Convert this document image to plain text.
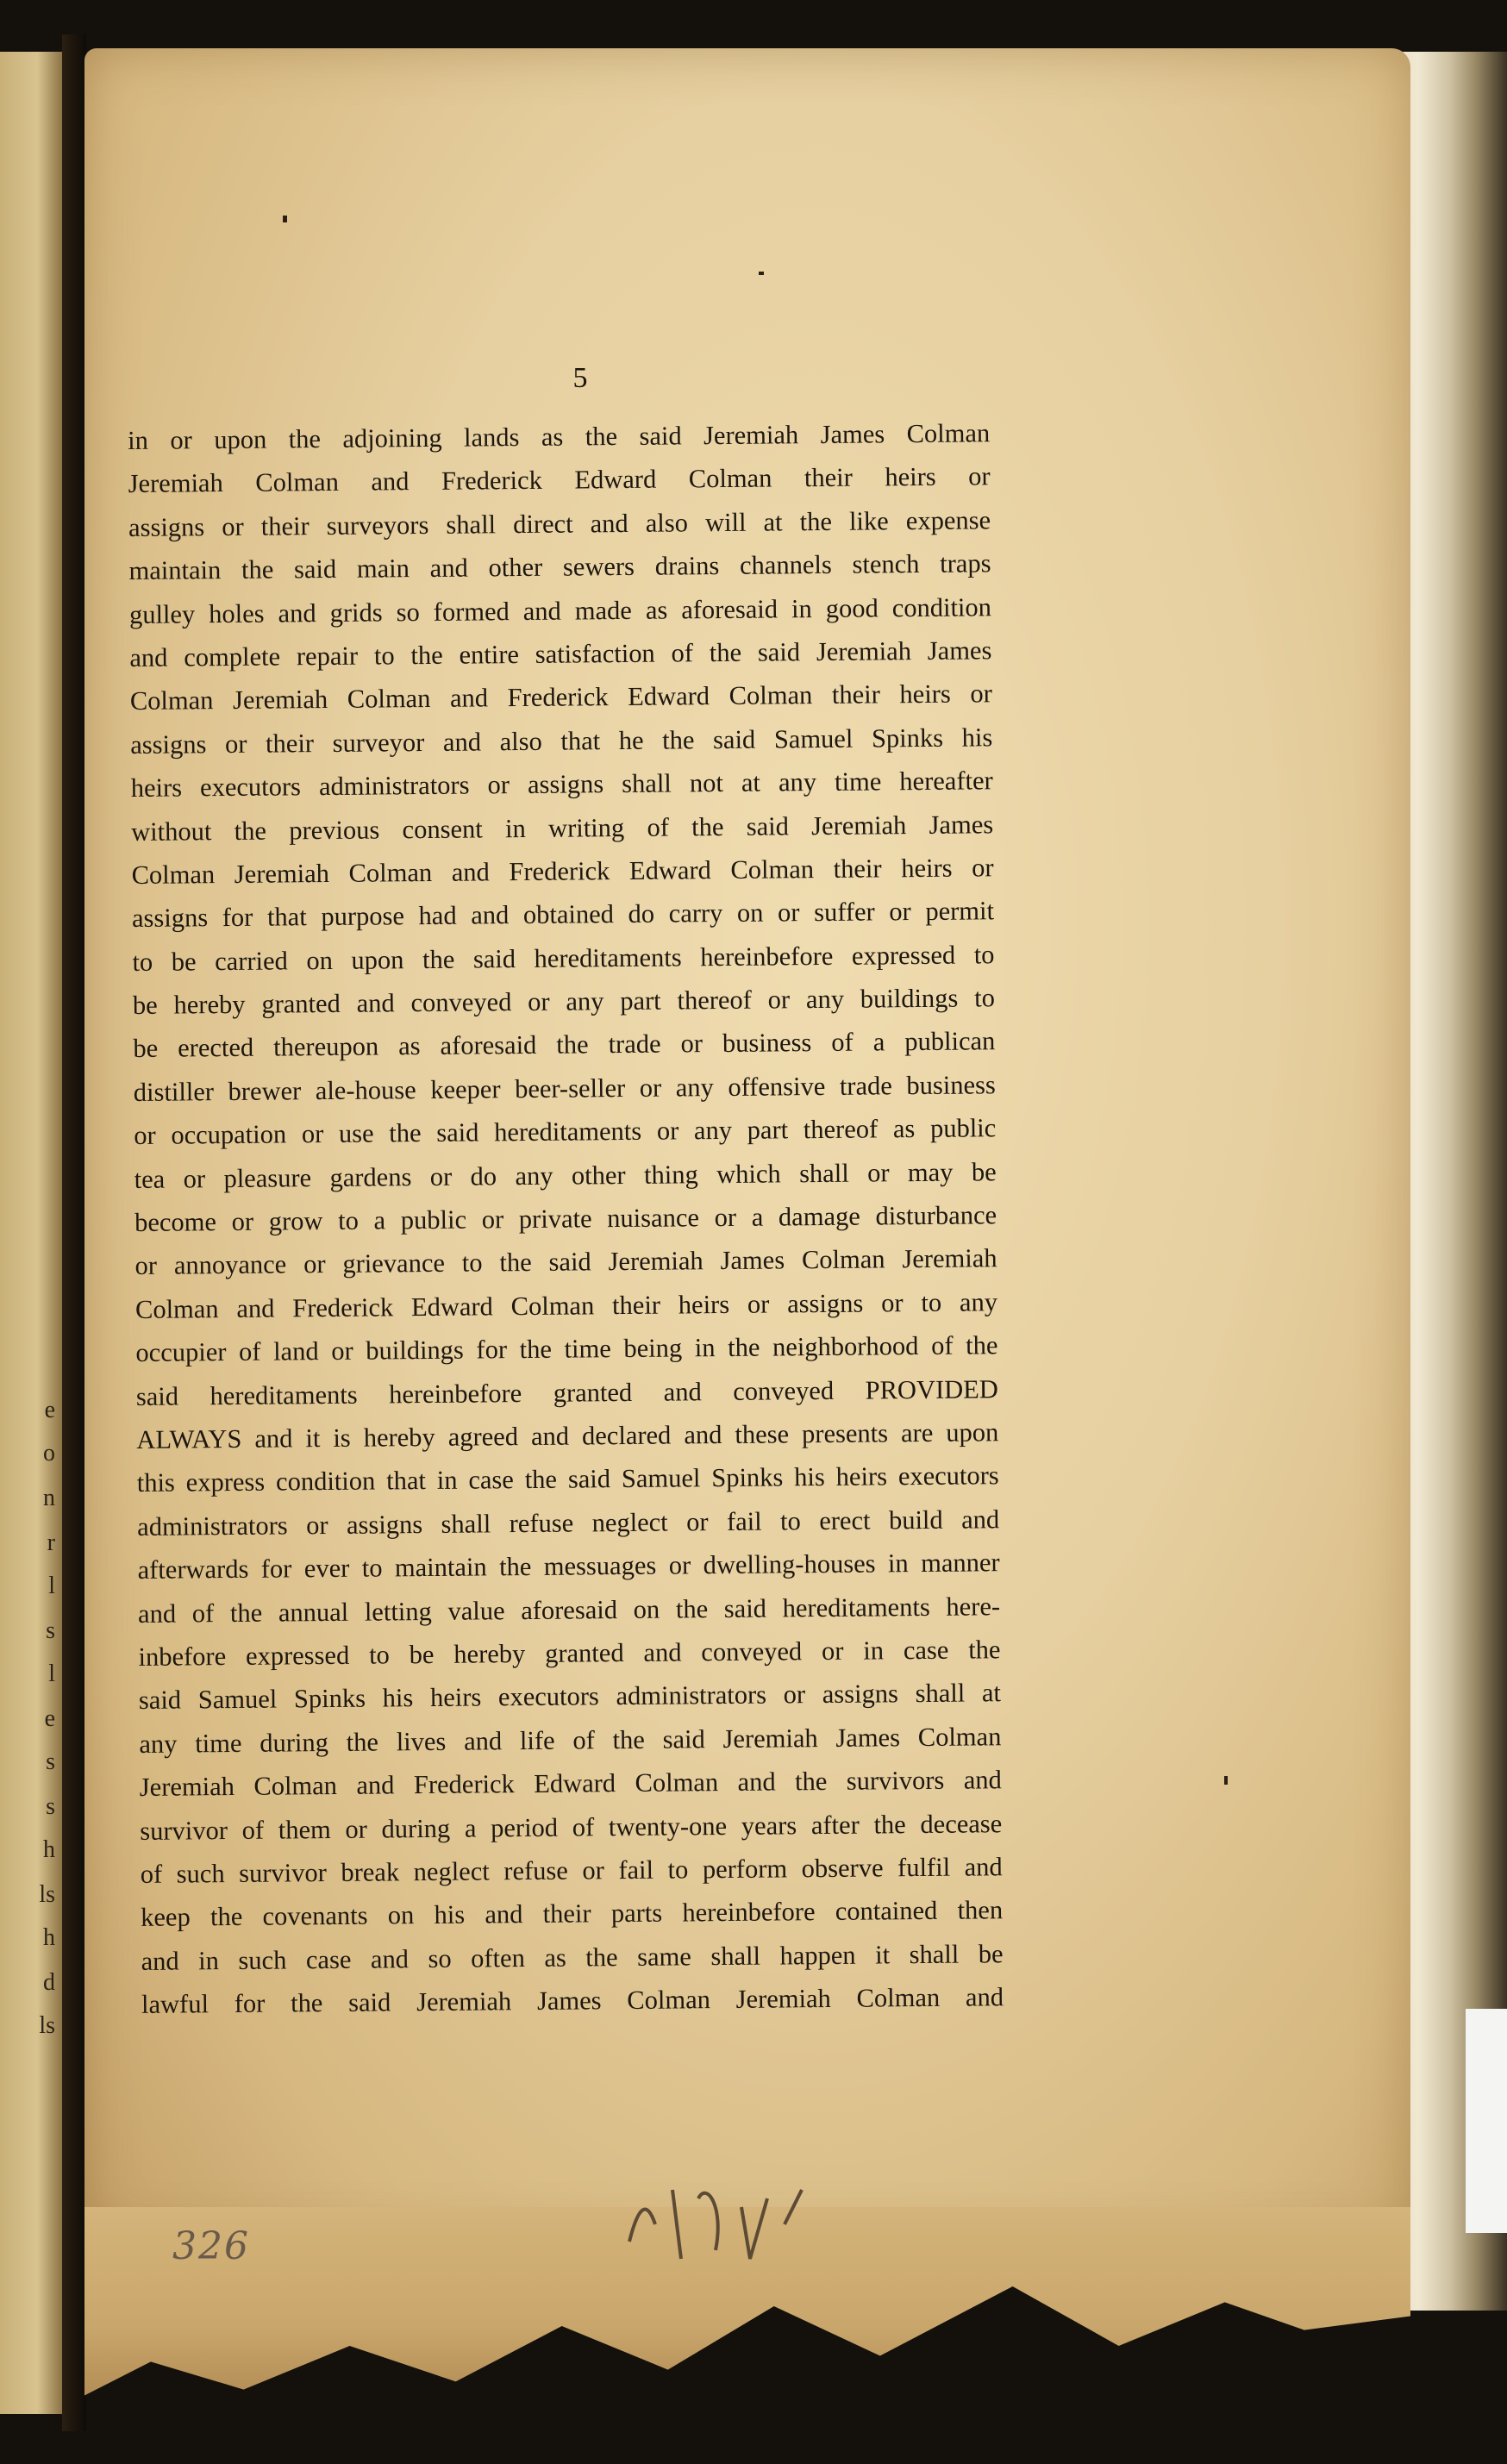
e
o
n
r
l
s
l
e
s
s
h
ls
h
d
ls
5
in or upon the adjoining lands as the said Jeremiah James Colman
Jeremiah Colman and Frederick Edward Colman their heirs or
assigns or their surveyors shall direct and also will at the like expense
maintain the said main and other sewers drains channels stench traps
gulley holes and grids so formed and made as aforesaid in good condition
and complete repair to the entire satisfaction of the said Jeremiah James
Colman Jeremiah Colman and Frederick Edward Colman their heirs or
assigns or their surveyor and also that he the said Samuel Spinks his
heirs executors administrators or assigns shall not at any time hereafter
without the previous consent in writing of the said Jeremiah James
Colman Jeremiah Colman and Frederick Edward Colman their heirs or
assigns for that purpose had and obtained do carry on or suffer or permit
to be carried on upon the said hereditaments hereinbefore expressed to
be hereby granted and conveyed or any part thereof or any buildings to
be erected thereupon as aforesaid the trade or business of a publican
distiller brewer ale-house keeper beer-seller or any offensive trade business
or occupation or use the said hereditaments or any part thereof as public
tea or pleasure gardens or do any other thing which shall or may be
become or grow to a public or private nuisance or a damage disturbance
or annoyance or grievance to the said Jeremiah James Colman Jeremiah
Colman and Frederick Edward Colman their heirs or assigns or to any
occupier of land or buildings for the time being in the neighborhood of the
said hereditaments hereinbefore granted and conveyed PROVIDED
ALWAYS and it is hereby agreed and declared and these presents are upon
this express condition that in case the said Samuel Spinks his heirs executors
administrators or assigns shall refuse neglect or fail to erect build and
afterwards for ever to maintain the messuages or dwelling-houses in manner
and of the annual letting value aforesaid on the said hereditaments here-
inbefore expressed to be hereby granted and conveyed or in case the
said Samuel Spinks his heirs executors administrators or assigns shall at
any time during the lives and life of the said Jeremiah James Colman
Jeremiah Colman and Frederick Edward Colman and the survivors and
survivor of them or during a period of twenty-one years after the decease
of such survivor break neglect refuse or fail to perform observe fulfil and
keep the covenants on his and their parts hereinbefore contained then
and in such case and so often as the same shall happen it shall be
lawful for the said Jeremiah James Colman Jeremiah Colman and
326
